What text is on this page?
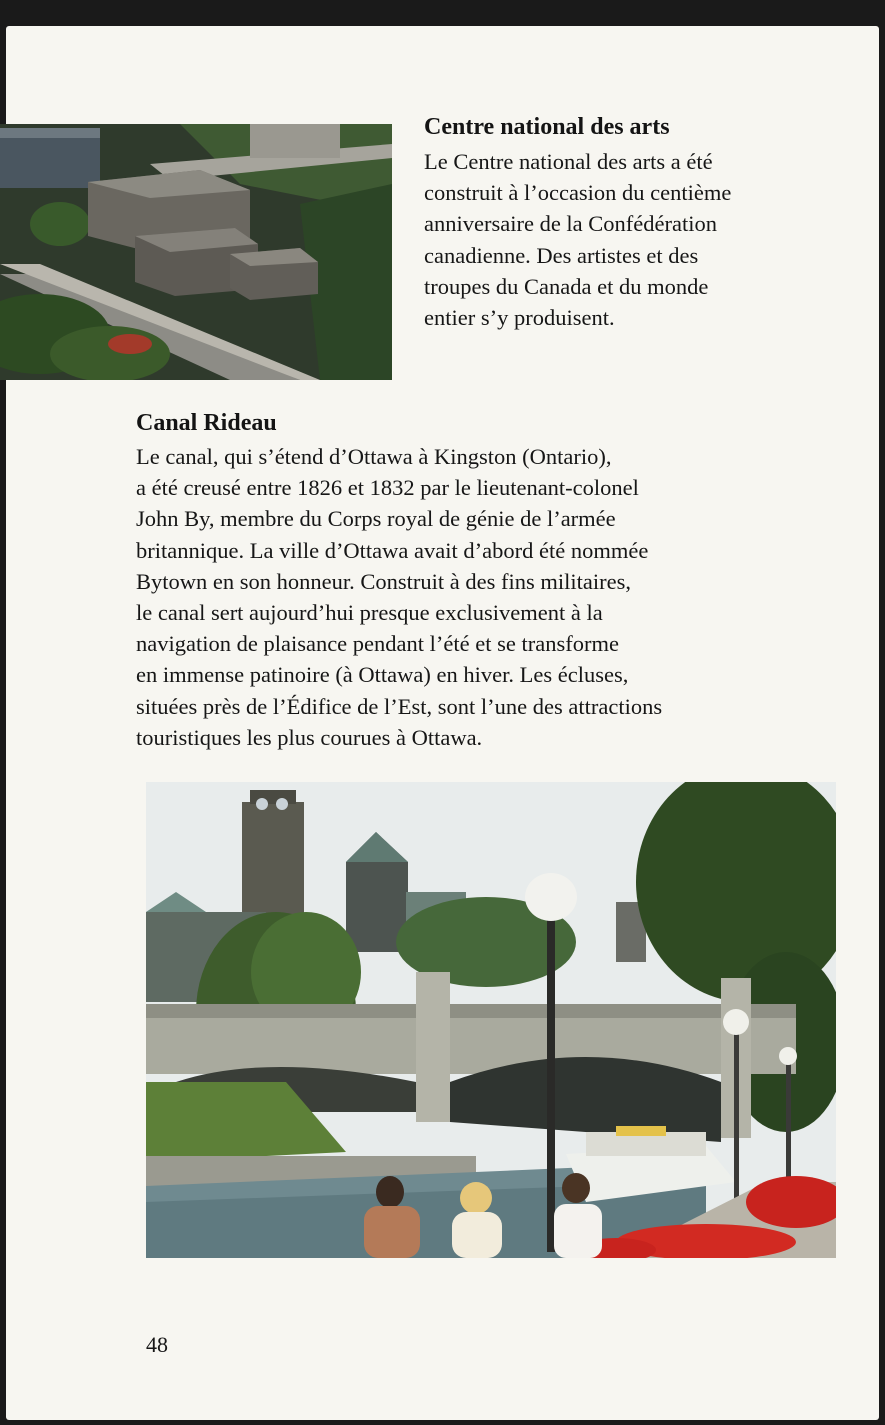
Centre national des arts

Le Centre national des arts a été
construit à l’occasion du centième
anniversaire de la Confédération
canadienne. Des artistes et des
troupes du Canada et du monde
entier s’y produisent.

Canal Rideau

Le canal, qui s’étend d’Ottawa à Kingston (Ontario),
a été creusé entre 1826 et 1832 par le lieutenant-colonel
John By, membre du Corps royal de génie de l’armée
britannique. La ville d’Ottawa avait d’abord été nommée
Bytown en son honneur. Construit à des fins militaires,
le canal sert aujourd’hui presque exclusivement à la
navigation de plaisance pendant l’été et se transforme
en immense patinoire (à Ottawa) en hiver. Les écluses,
situées près de l’Édifice de l’Est, sont l’une des attractions
touristiques les plus courues à Ottawa.

48
